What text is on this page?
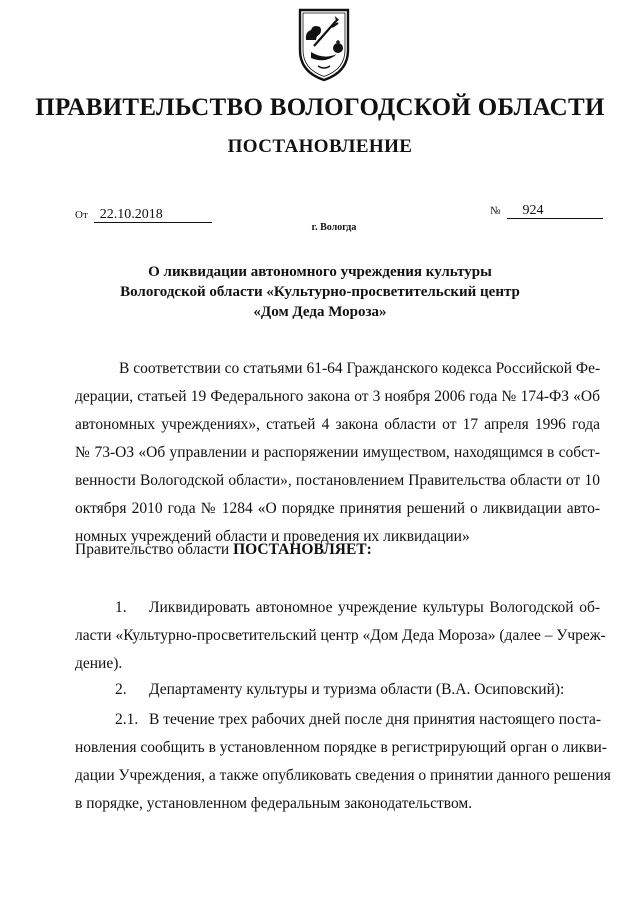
ПРАВИТЕЛЬСТВО ВОЛОГОДСКОЙ ОБЛАСТИ
ПОСТАНОВЛЕНИЕ
От 22.10.2018	№ 924
г. Вологда
О ликвидации автономного учреждения культуры
Вологодской области «Культурно-просветительский центр
«Дом Деда Мороза»
В соответствии со статьями 61-64 Гражданского кодекса Российской Фе-
дерации, статьей 19 Федерального закона от 3 ноября 2006 года № 174-ФЗ «Об
автономных учреждениях», статьей 4 закона области от 17 апреля 1996 года
№ 73-ОЗ «Об управлении и распоряжении имуществом, находящимся в собст-
венности Вологодской области», постановлением Правительства области от 10
октября 2010 года № 1284 «О порядке принятия решений о ликвидации авто-
номных учреждений области и проведения их ликвидации»
Правительство области ПОСТАНОВЛЯЕТ:
1. Ликвидировать автономное учреждение культуры Вологодской об-
ласти «Культурно-просветительский центр «Дом Деда Мороза» (далее – Учреж-
дение).
2. Департаменту культуры и туризма области (В.А. Осиповский):
2.1. В течение трех рабочих дней после дня принятия настоящего поста-
новления сообщить в установленном порядке в регистрирующий орган о ликви-
дации Учреждения, а также опубликовать сведения о принятии данного решения
в порядке, установленном федеральным законодательством.
